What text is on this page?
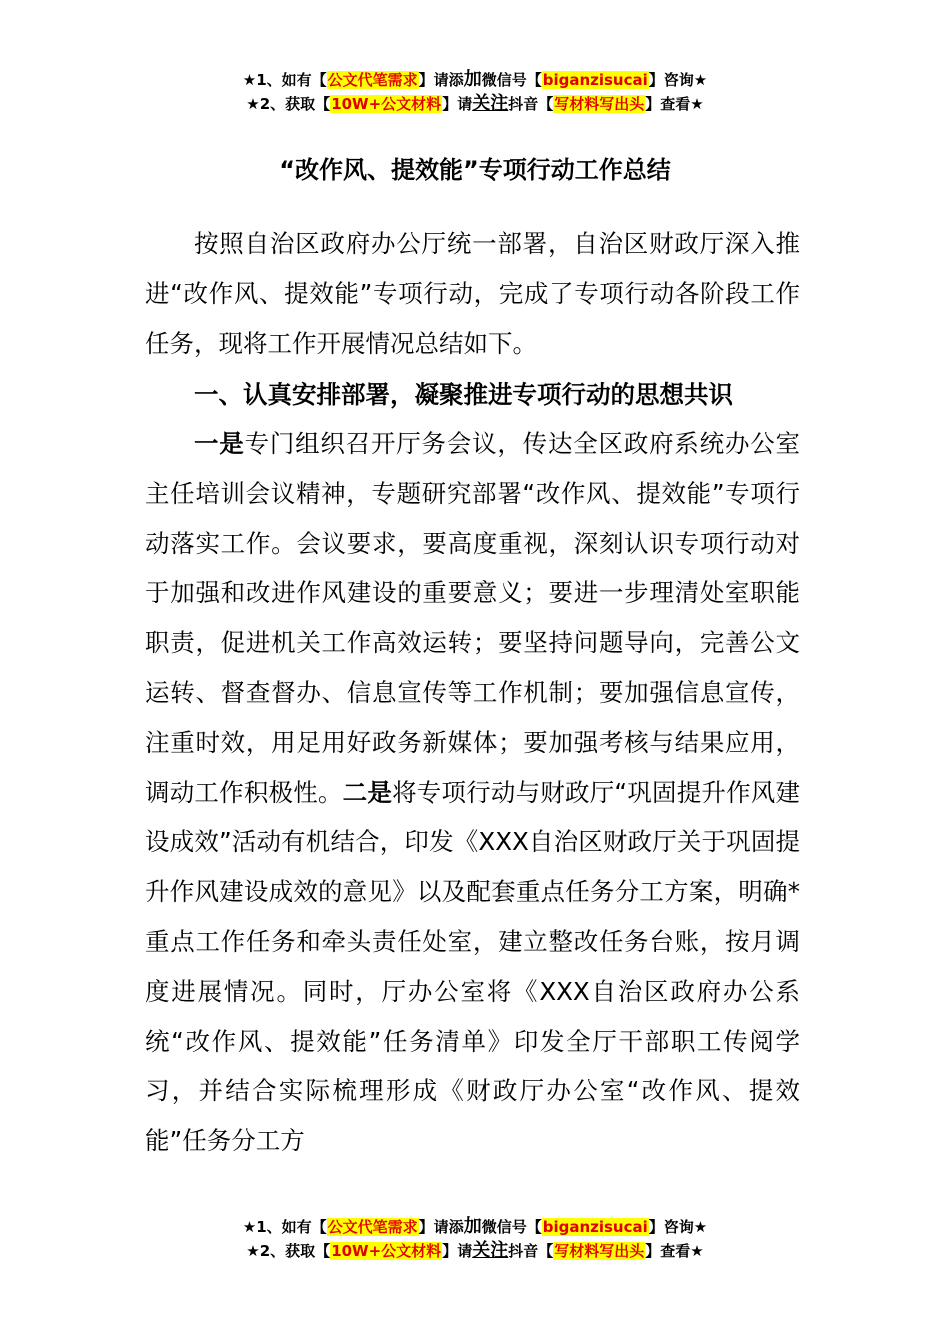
★1、如有【公文代笔需求】请添加微信号【biganzisucai】咨询★
★2、获取【10W+公文材料】请关注抖音【写材料写出头】查看★
“改作风、提效能”专项行动工作总结

按照自治区政府办公厅统一部署，自治区财政厅深入推进“改作风、提效能”专项行动，完成了专项行动各阶段工作任务，现将工作开展情况总结如下。

一、认真安排部署，凝聚推进专项行动的思想共识

一是专门组织召开厅务会议，传达全区政府系统办公室主任培训会议精神，专题研究部署“改作风、提效能”专项行动落实工作。会议要求，要高度重视，深刻认识专项行动对于加强和改进作风建设的重要意义；要进一步理清处室职能职责，促进机关工作高效运转；要坚持问题导向，完善公文运转、督查督办、信息宣传等工作机制；要加强信息宣传，注重时效，用足用好政务新媒体；要加强考核与结果应用，调动工作积极性。二是将专项行动与财政厅“巩固提升作风建设成效”活动有机结合，印发《XXX自治区财政厅关于巩固提升作风建设成效的意见》以及配套重点任务分工方案，明确*重点工作任务和牵头责任处室，建立整改任务台账，按月调度进展情况。同时，厅办公室将《XXX自治区政府办公系统“改作风、提效能”任务清单》印发全厅干部职工传阅学习，并结合实际梳理形成《财政厅办公室“改作风、提效能”任务分工方

★1、如有【公文代笔需求】请添加微信号【biganzisucai】咨询★
★2、获取【10W+公文材料】请关注抖音【写材料写出头】查看★
